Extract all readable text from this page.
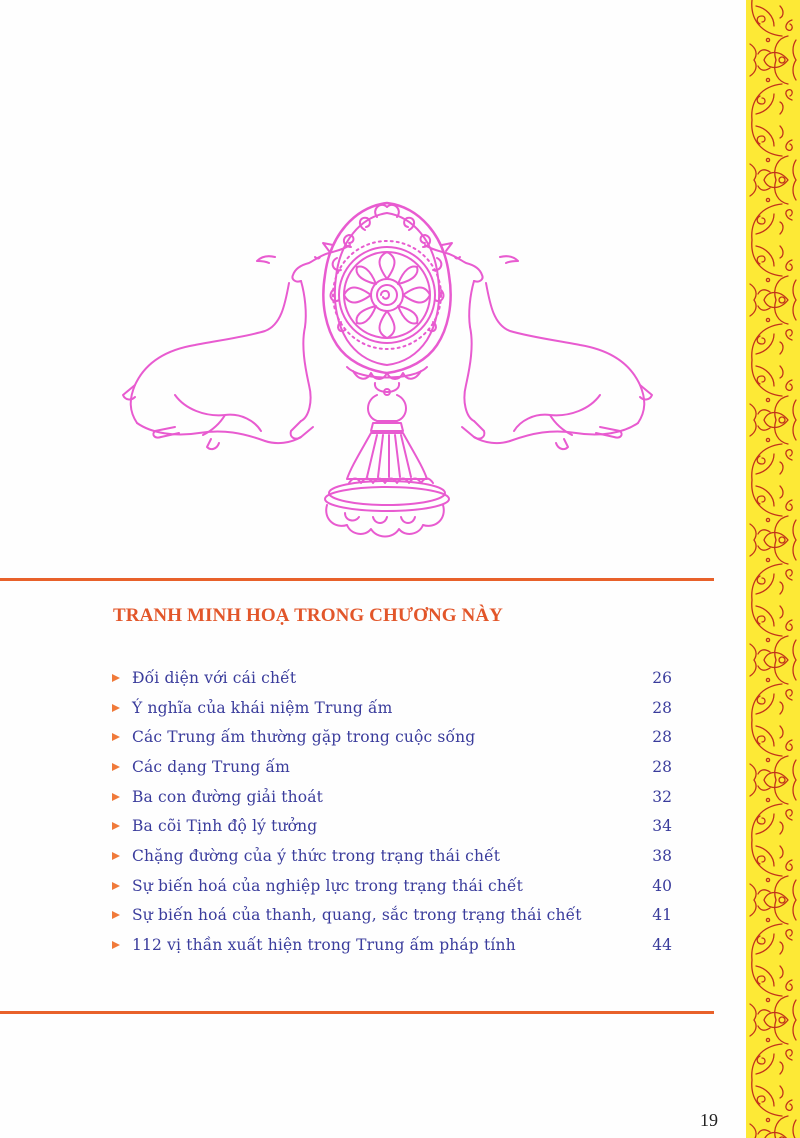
TRANH MINH HOẠ TRONG CHƯƠNG NÀY
Đối diện với cái chết	26
Ý nghĩa của khái niệm Trung ấm	28
Các Trung ấm thường gặp trong cuộc sống	28
Các dạng Trung ấm	28
Ba con đường giải thoát	32
Ba cõi Tịnh độ lý tưởng	34
Chặng đường của ý thức trong trạng thái chết	38
Sự biến hoá của nghiệp lực trong trạng thái chết	40
Sự biến hoá của thanh, quang, sắc trong trạng thái chết	41
112 vị thần xuất hiện trong Trung ấm pháp tính	44
19
